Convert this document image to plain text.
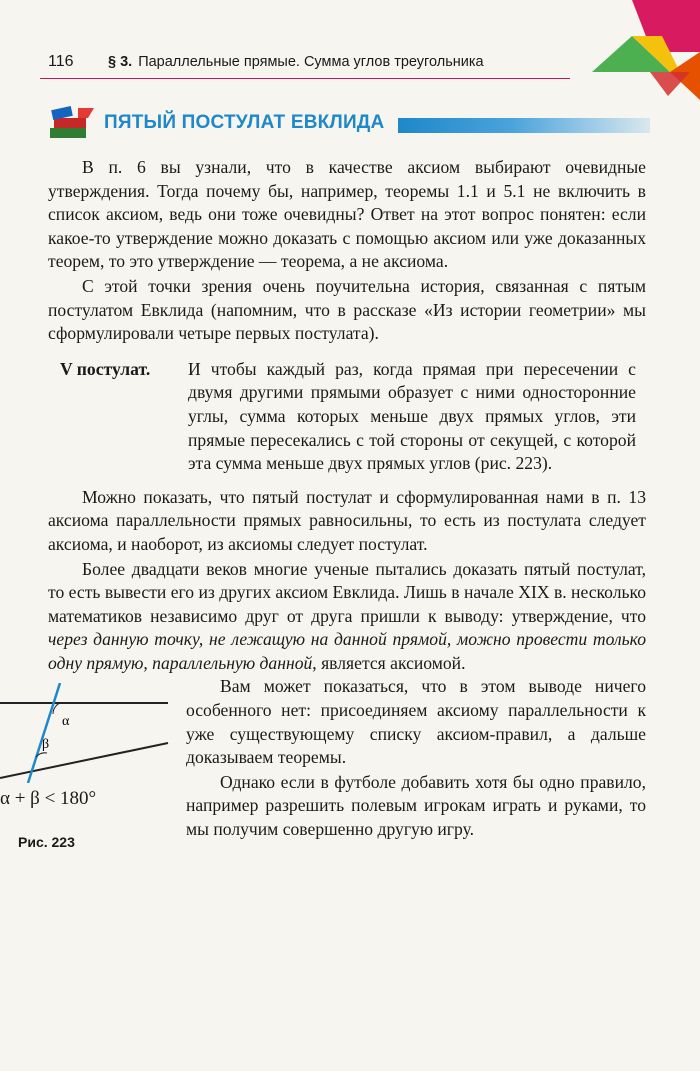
116 § 3. Параллельные прямые. Сумма углов треугольника
ПЯТЫЙ ПОСТУЛАТ ЕВКЛИДА

В п. 6 вы узнали, что в качестве аксиом выбирают очевидные утверждения. Тогда почему бы, например, теоремы 1.1 и 5.1 не включить в список аксиом, ведь они тоже очевидны? Ответ на этот вопрос понятен: если какое-то утверждение можно доказать с помощью аксиом или уже доказанных теорем, то это утверждение — теорема, а не аксиома.

С этой точки зрения очень поучительна история, связанная с пятым постулатом Евклида (напомним, что в рассказе «Из истории геометрии» мы сформулировали четыре первых постулата).

V постулат.	И чтобы каждый раз, когда прямая при пересечении с двумя другими прямыми образует с ними односторонние углы, сумма которых меньше двух прямых углов, эти прямые пересекались с той стороны от секущей, с которой эта сумма меньше двух прямых углов (рис. 223).

Можно показать, что пятый постулат и сформулированная нами в п. 13 аксиома параллельности прямых равносильны, то есть из постулата следует аксиома, и наоборот, из аксиомы следует постулат.

Более двадцати веков многие ученые пытались доказать пятый постулат, то есть вывести его из других аксиом Евклида. Лишь в начале XIX в. несколько математиков независимо друг от друга пришли к выводу: утверждение, что через данную точку, не лежащую на данной прямой, можно провести только одну прямую, параллельную данной, является аксиомой.

α
β
α + β < 180°
Рис. 223

Вам может показаться, что в этом выводе ничего особенного нет: присоединяем аксиому параллельности к уже существующему списку аксиом-правил, а дальше доказываем теоремы.

Однако если в футболе добавить хотя бы одно правило, например разрешить полевым игрокам играть и руками, то мы получим совершенно другую игру.
